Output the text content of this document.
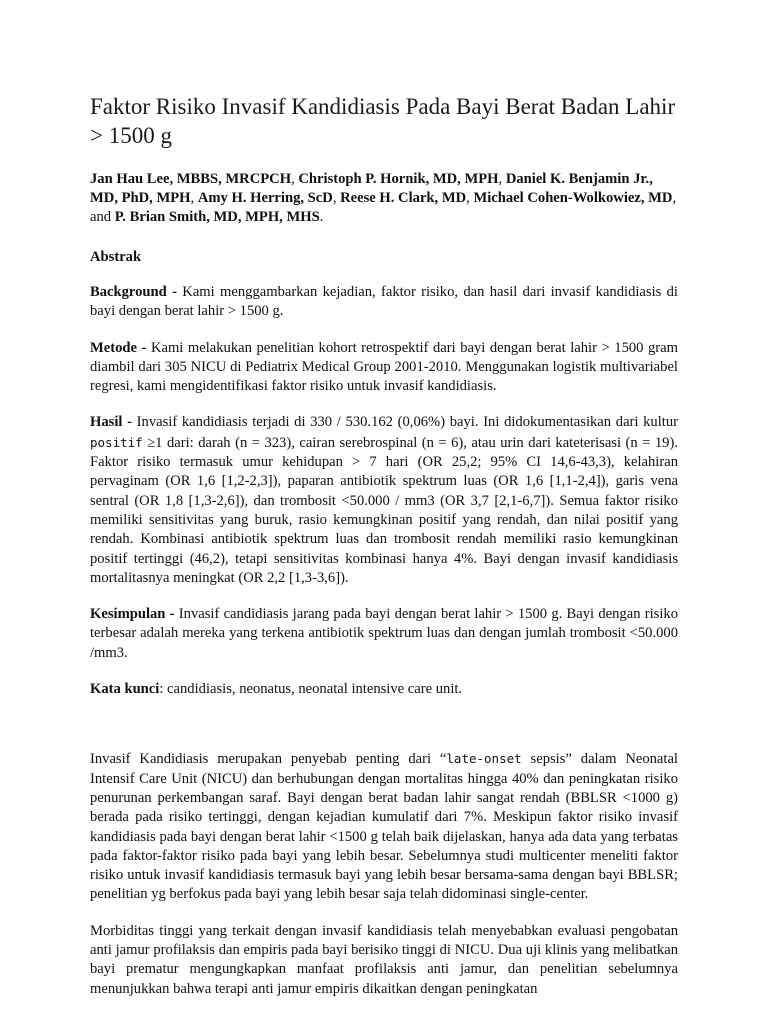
Faktor Risiko Invasif Kandidiasis Pada Bayi Berat Badan Lahir > 1500 g

Jan Hau Lee, MBBS, MRCPCH, Christoph P. Hornik, MD, MPH, Daniel K. Benjamin Jr., MD, PhD, MPH, Amy H. Herring, ScD, Reese H. Clark, MD, Michael Cohen-Wolkowiez, MD, and P. Brian Smith, MD, MPH, MHS.

Abstrak

Background - Kami menggambarkan kejadian, faktor risiko, dan hasil dari invasif kandidiasis di bayi dengan berat lahir > 1500 g.

Metode - Kami melakukan penelitian kohort retrospektif dari bayi dengan berat lahir > 1500 gram diambil dari 305 NICU di Pediatrix Medical Group 2001-2010. Menggunakan logistik multivariabel regresi, kami mengidentifikasi faktor risiko untuk invasif kandidiasis.

Hasil - Invasif kandidiasis terjadi di 330 / 530.162 (0,06%) bayi. Ini didokumentasikan dari kultur positif ≥1 dari: darah (n = 323), cairan serebrospinal (n = 6), atau urin dari kateterisasi (n = 19). Faktor risiko termasuk umur kehidupan > 7 hari (OR 25,2; 95% CI 14,6-43,3), kelahiran pervaginam (OR 1,6 [1,2-2,3]), paparan antibiotik spektrum luas (OR 1,6 [1,1-2,4]), garis vena sentral (OR 1,8 [1,3-2,6]), dan trombosit <50.000 / mm3 (OR 3,7 [2,1-6,7]). Semua faktor risiko memiliki sensitivitas yang buruk, rasio kemungkinan positif yang rendah, dan nilai positif yang rendah. Kombinasi antibiotik spektrum luas dan trombosit rendah memiliki rasio kemungkinan positif tertinggi (46,2), tetapi sensitivitas kombinasi hanya 4%. Bayi dengan invasif kandidiasis mortalitasnya meningkat (OR 2,2 [1,3-3,6]).

Kesimpulan - Invasif candidiasis jarang pada bayi dengan berat lahir > 1500 g. Bayi dengan risiko terbesar adalah mereka yang terkena antibiotik spektrum luas dan dengan jumlah trombosit <50.000 /mm3.

Kata kunci: candidiasis, neonatus, neonatal intensive care unit.

Invasif Kandidiasis merupakan penyebab penting dari “late-onset sepsis” dalam Neonatal Intensif Care Unit (NICU) dan berhubungan dengan mortalitas hingga 40% dan peningkatan risiko penurunan perkembangan saraf. Bayi dengan berat badan lahir sangat rendah (BBLSR <1000 g) berada pada risiko tertinggi, dengan kejadian kumulatif dari 7%. Meskipun faktor risiko invasif kandidiasis pada bayi dengan berat lahir <1500 g telah baik dijelaskan, hanya ada data yang terbatas pada faktor-faktor risiko pada bayi yang lebih besar. Sebelumnya studi multicenter meneliti faktor risiko untuk invasif kandidiasis termasuk bayi yang lebih besar bersama-sama dengan bayi BBLSR; penelitian yg berfokus pada bayi yang lebih besar saja telah didominasi single-center.

Morbiditas tinggi yang terkait dengan invasif kandidiasis telah menyebabkan evaluasi pengobatan anti jamur profilaksis dan empiris pada bayi berisiko tinggi di NICU. Dua uji klinis yang melibatkan bayi prematur mengungkapkan manfaat profilaksis anti jamur, dan penelitian sebelumnya menunjukkan bahwa terapi anti jamur empiris dikaitkan dengan peningkatan
